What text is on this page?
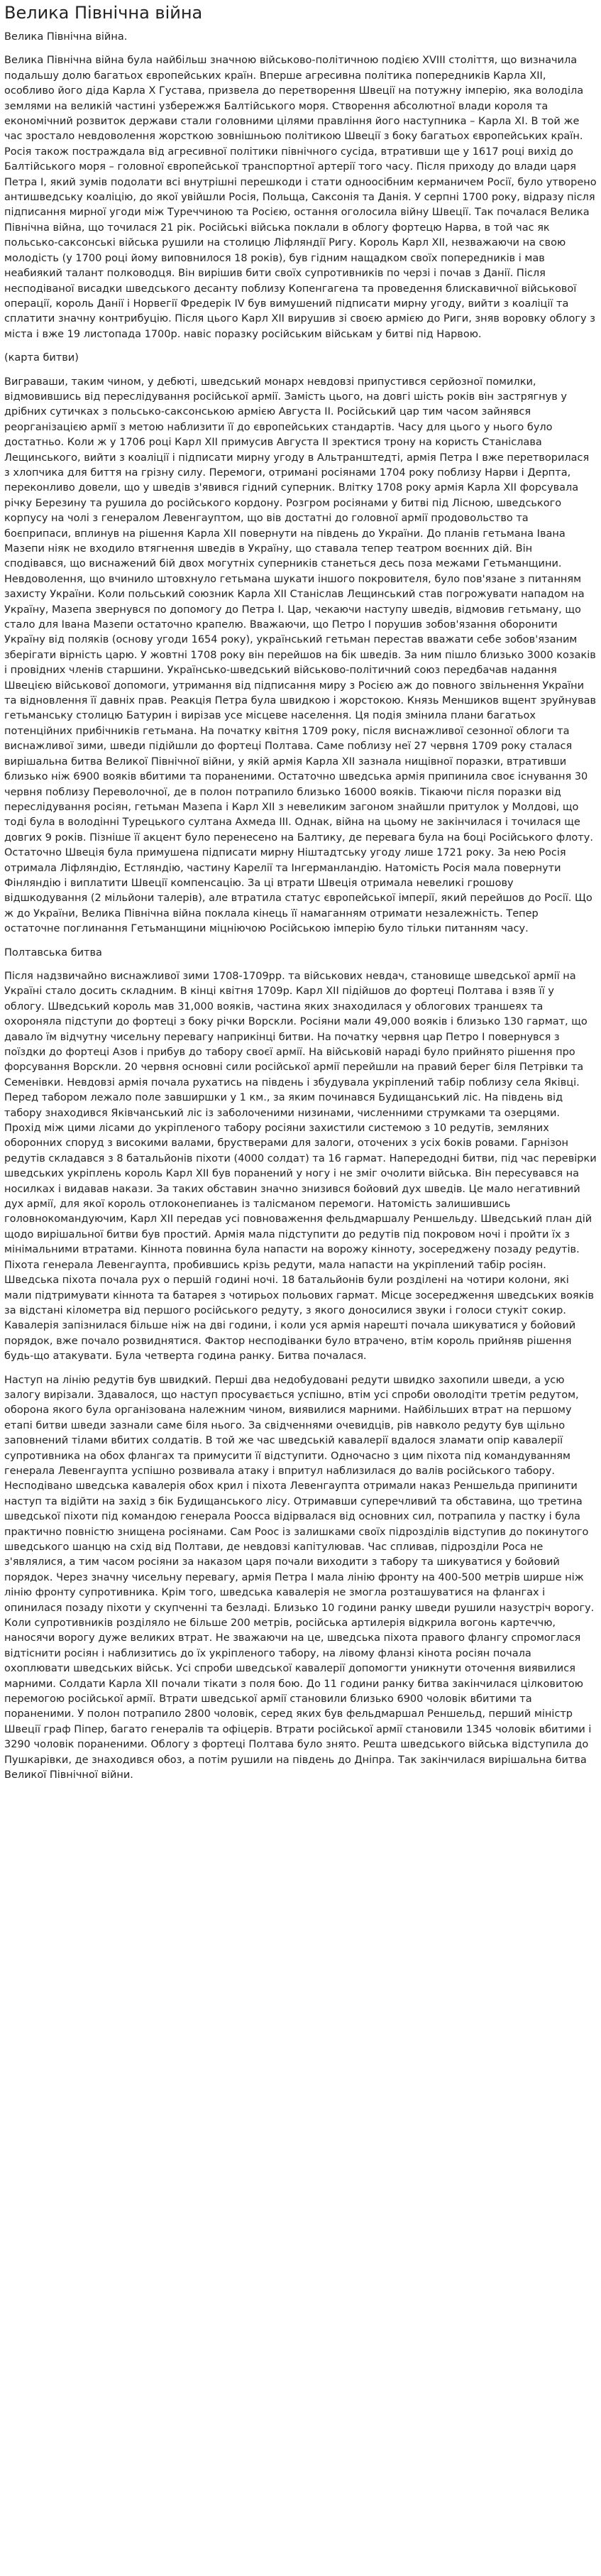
Велика Північна війна

Велика Північна війна.

Велика Північна війна була найбільш значною військово-політичною подією XVIII століття, що визначила подальшу долю багатьох європейських країн. Вперше агресивна політика попередників Карла XII, особливо його діда Карла X Густава, призвела до перетворення Швеції на потужну імперію, яка володіла землями на великій частині узбережжя Балтійського моря. Створення абсолютної влади короля та економічний розвиток держави стали головними цілями правління його наступника – Карла XI. В той же час зростало невдоволення жорсткою зовнішньою політикою Швеції з боку багатьох європейських країн. Росія також постраждала від агресивної політики північного сусіда, втративши ще у 1617 році вихід до Балтійського моря – головної європейської транспортної артерії того часу. Після приходу до влади царя Петра І, який зумів подолати всі внутрішні перешкоди і стати одноосібним керманичем Росії, було утворено антишведську коаліцію, до якої увійшли Росія, Польща, Саксонія та Данія. У серпні 1700 року, відразу після підписання мирної угоди між Туреччиною та Росією, остання оголосила війну Швеції. Так почалася Велика Північна війна, що точилася 21 рік. Російські війська поклали в облогу фортецю Нарва, в той час як польсько-саксонські війська рушили на столицю Ліфляндії Ригу. Король Карл XII, незважаючи на свою молодість (у 1700 році йому виповнилося 18 років), був гідним нащадком своїх попередників і мав неабиякий талант полководця. Він вирішив бити своїх супротивників по черзі і почав з Данії. Після несподіваної висадки шведського десанту поблизу Копенгагена та проведення блискавичної військової операції, король Данії і Норвегії Фредерік IV був вимушений підписати мирну угоду, вийти з коаліції та сплатити значну контрибуцію. Після цього Карл XII вирушив зі своєю армією до Риги, зняв воровку облогу з міста і вже 19 листопада 1700р. навіс поразку російським військам у битві під Нарвою.

(карта битви)

Виграваши, таким чином, у дебюті, шведський монарх невдовзі припустився серйозної помилки, відмовившись від переслідування російської армії. Замість цього, на довгі шість років він застрягнув у дрібних сутичках з польсько-саксонською армією Августа ІІ. Російський цар тим часом зайнявся реорганізацією армії з метою наблизити її до європейських стандартів. Часу для цього у нього було достатньо. Коли ж у 1706 році Карл XII примусив Августа ІІ зректися трону на користь Станіслава Лещинського, вийти з коаліції і підписати мирну угоду в Альтранштедті, армія Петра І вже перетворилася з хлопчика для биття на грізну силу. Перемоги, отримані росіянами 1704 року поблизу Нарви і Дерпта, переконливо довели, що у шведів з'явився гідний суперник. Влітку 1708 року армія Карла XII форсувала річку Березину та рушила до російського кордону. Розгром росіянами у битві під Лісною, шведського корпусу на чолі з генералом Левенгауптом, що вів достатні до головної армії продовольство та боєприпаси, вплинув на рішення Карла XII повернути на південь до України. До планів гетьмана Івана Мазепи ніяк не входило втягнення шведів в Україну, що ставала тепер театром воєнних дій. Він сподівався, що виснажений бій двох могутніх суперників станеться десь поза межами Гетьманщини. Невдоволення, що вчинило штовхнуло гетьмана шукати іншого покровителя, було пов'язане з питанням захисту України. Коли польський союзник Карла XII Станіслав Лещинський став погрожувати нападом на Україну, Мазепа звернувся по допомогу до Петра І. Цар, чекаючи наступу шведів, відмовив гетьману, що стало для Івана Мазепи остаточно крапелю. Вважаючи, що Петро І порушив зобов'язання оборонити Україну від поляків (основу угоди 1654 року), український гетьман перестав вважати себе зобов'язаним зберігати вірність царю. У жовтні 1708 року він перейшов на бік шведів. За ним пішло близько 3000 козаків і провідних членів старшини. Українсько-шведський військово-політичний союз передбачав надання Швецією військової допомоги, утримання від підписання миру з Росією аж до повного звільнення України та відновлення її давніх прав. Реакція Петра була швидкою і жорстокою. Князь Меншиков вщент зруйнував гетьманську столицю Батурин і вирізав усе місцеве населення. Ця подія змінила плани багатьох потенційних прибічників гетьмана. На початку квітня 1709 року, після виснажливої сезонної облоги та виснажливої зими, шведи підійшли до фортеці Полтава. Саме поблизу неї 27 червня 1709 року сталася вирішальна битва Великої Північної війни, у якій армія Карла XII зазнала нищівної поразки, втративши близько ніж 6900 вояків вбитими та пораненими. Остаточно шведська армія припинила своє існування 30 червня поблизу Переволочної, де в полон потрапило близько 16000 вояків. Тікаючи після поразки від переслідування росіян, гетьман Мазепа і Карл XII з невеликим загоном знайшли притулок у Молдові, що тоді була в володінні Турецького султана Ахмеда ІІІ. Однак, війна на цьому не закінчилася і точилася ще довгих 9 років. Пізніше її акцент було перенесено на Балтику, де перевага була на боці Російського флоту. Остаточно Швеція була примушена підписати мирну Ніштадтську угоду лише 1721 року. За нею Росія отримала Ліфляндію, Естляндію, частину Карелії та Інгерманландію. Натомість Росія мала повернути Фінляндію і виплатити Швеції компенсацію. За ці втрати Швеція отримала невеликі грошову відшкодування (2 мільйони талерів), але втратила статус європейської імперії, який перейшов до Росії. Що ж до України, Велика Північна війна поклала кінець її намаганням отримати незалежність. Тепер остаточне поглинання Гетьманщини міцніючою Російською імперію було тільки питанням часу.

Полтавська битва

Після надзвичайно виснажливої зими 1708-1709рр. та військових невдач, становище шведської армії на Україні стало досить складним. В кінці квітня 1709р. Карл XII підійшов до фортеці Полтава і взяв її у облогу. Шведський король мав 31,000 вояків, частина яких знаходилася у облогових траншеях та охороняла підступи до фортеці з боку річки Ворскли. Росіяни мали 49,000 вояків і близько 130 гармат, що давало їм відчутну чисельну перевагу наприкінці битви. На початку червня цар Петро І повернувся з поїздки до фортеці Азов і прибув до табору своєї армії. На військовій нараді було прийнято рішення про форсування Ворскли. 20 червня основні сили російської армії перейшли на правий берег біля Петрівки та Семенівки. Невдовзі армія почала рухатись на південь і збудувала укріплений табір поблизу села Яківці. Перед табором лежало поле завширшки у 1 км., за яким починався Будищанський ліс. На південь від табору знаходився Яківчанський ліс із заболоченими низинами, численними струмками та озерцями. Прохід між цими лісами до укріпленого табору росіяни захистили системою з 10 редутів, земляних оборонних споруд з високими валами, брустверами для залоги, оточених з усіх боків ровами. Гарнізон редутів складався з 8 батальйонів піхоти (4000 солдат) та 16 гармат. Напередодні битви, під час перевірки шведських укріплень король Карл XII був поранений у ногу і не зміг очолити війська. Він пересувався на носилках і видавав накази. За таких обставин значно знизився бойовий дух шведів. Це мало негативний дух армії, для якої король отлоконепианеь із талісманом перемоги. Натомість залишившись головнокомандуючим, Карл XII передав усі повноваження фельдмаршалу Реншельду. Шведський план дій щодо вирішальної битви був простий. Армія мала підступити до редутів під покровом ночі і пройти їх з мінімальними втратами. Кіннота повинна була напасти на ворожу кінноту, зосереджену позаду редутів. Піхота генерала Левенгаупта, пробившись крізь редути, мала напасти на укріплений табір росіян. Шведська піхота почала рух о першій годині ночі. 18 батальйонів були розділені на чотири колони, які мали підтримувати кіннота та батарея з чотирьох польових гармат. Місце зосередження шведських вояків за відстані кілометра від першого російського редуту, з якого доносилися звуки і голоси стукіт сокир. Кавалерія запізнилася більше ніж на дві години, і коли уся армія нарешті почала шикуватися у бойовий порядок, вже почало розвиднятися. Фактор несподіванки було втрачено, втім король прийняв рішення будь-що атакувати. Була четверта година ранку. Битва почалася.

Наступ на лінію редутів був швидкий. Перші два недобудовані редути швидко захопили шведи, а усю залогу вирізали. Здавалося, що наступ просувається успішно, втім усі спроби оволодіти третім редутом, оборона якого була організована належним чином, виявилися марними. Найбільших втрат на першому етапі битви шведи зазнали саме біля нього. За свідченнями очевидців, рів навколо редуту був щільно заповнений тілами вбитих солдатів. В той же час шведській кавалерії вдалося зламати опір кавалерії супротивника на обох флангах та примусити її відступити. Одночасно з цим піхота під командуванням генерала Левенгаупта успішно розвивала атаку і впритул наблизилася до валів російського табору. Несподівано шведська кавалерія обох крил і піхота Левенгаупта отримали наказ Реншельда припинити наступ та відійти на захід з бік Будищанського лісу. Отримавши суперечливий та обставина, що третина шведської піхоти під командою генерала Роосса відірвалася від основних сил, потрапила у пастку і була практично повністю знищена росіянами. Сам Роос із залишками своїх підрозділів відступив до покинутого шведського шанцю на схід від Полтави, де невдовзі капітулював. Час спливав, підрозділи Роса не з'являлися, а тим часом росіяни за наказом царя почали виходити з табору та шикуватися у бойовий порядок. Через значну чисельну перевагу, армія Петра І мала лінію фронту на 400-500 метрів ширше ніж лінію фронту супротивника. Крім того, шведська кавалерія не змогла розташуватися на флангах і опинилася позаду піхоти у скупченні та безладі. Близько 10 години ранку шведи рушили назустріч ворогу. Коли супротивників розділяло не більше 200 метрів, російська артилерія відкрила вогонь картеччю, наносячи ворогу дуже великих втрат. Не зважаючи на це, шведська піхота правого флангу спромоглася відтіснити росіян і наблизитись до їх укріпленого табору, на лівому фланзі кінота росіян почала охоплювати шведських військ. Усі спроби шведської кавалерії допомогти уникнути оточення виявилися марними. Солдати Карла XII почали тікати з поля бою. До 11 години ранку битва закінчилася цілковитою перемогою російської армії. Втрати шведської армії становили близько 6900 чоловік вбитими та пораненими. У полон потрапило 2800 чоловік, серед яких був фельдмаршал Реншельд, перший міністр Швеції граф Піпер, багато генералів та офіцерів. Втрати російської армії становили 1345 чоловік вбитими і 3290 чоловік пораненими. Облогу з фортеці Полтава було знято. Решта шведського війська відступила до Пушкарівки, де знаходився обоз, а потім рушили на південь до Дніпра. Так закінчилася вирішальна битва Великої Північної війни.
